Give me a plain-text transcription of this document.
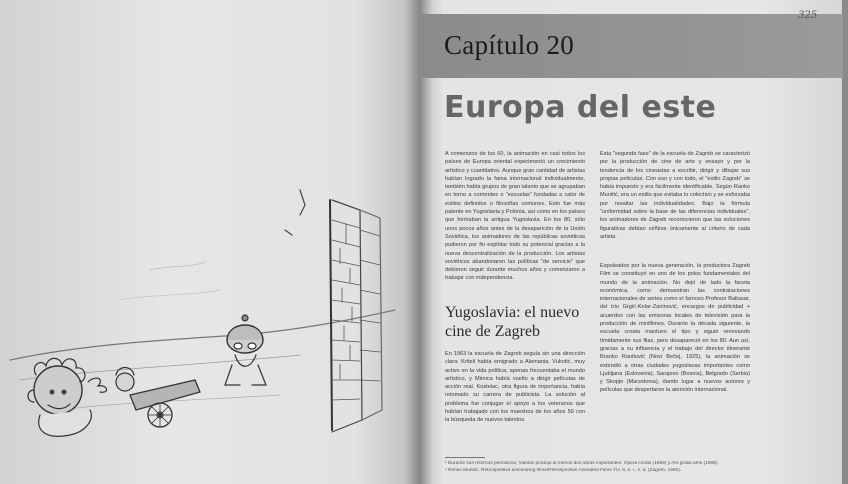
325
Capítulo 20
Europa del este

A comienzos de los 60, la animación en casi todos los países de Europa oriental experimentó un crecimiento artístico y cuantitativo. Aunque gran cantidad de artistas habían logrado la fama internacional individualmente, también había grupos de gran talento que se agrupaban en torno a corrientes o "escuelas" fundadas a calor de estilos definidos o filosofías comunes. Esto fue más patente en Yugoslavia y Polonia, así como en los países que formaban la antigua Yugoslavia. En los 80, sólo unos pocos años antes de la desaparición de la Unión Soviética, los animadores de las repúblicas soviéticas pudieron por fin explotar todo su potencial gracias a la nueva descentralización de la producción. Los artistas soviéticos abandonaron las políticas "de servicio" que debieron seguir durante muchos años y comenzaron a trabajar con independencia.

Yugoslavia: el nuevo cine de Zagreb

En 1963 la escuela de Zagreb seguía sin una dirección clara: Kriteli había emigrado a Alemania. Vukotić, muy activo en la vida política, apenas frecuentaba el mundo artístico, y Mimica había vuelto a dirigir películas de acción real. Kostelac, otra figura de importancia, había retomado su carrera de publicista. La solución al problema fue conjugar el apoyo a los veteranos que habían trabajado con los maestros de los años 50 con la búsqueda de nuevos talentos.

Esta "segunda fase" de la escuela de Zagreb se caracterizó por la producción de cine de arte y ensayo y por la tendencia de los cineastas a escribir, dirigir y dibujar sus propias películas. Con eso y con todo, el "estilo Zagreb" se había impuesto y era fácilmente identificable. Según Ranko Munitić, era un estilo que evitaba lo colectivo y se esforzaba por resaltar las individualidades. Bajo la fórmula "uniformidad sobre la base de las diferencias individuales", los animadores de Zagreb reconocieron que las soluciones figurativas debían ceñirse únicamente al criterio de cada artista.

Espoleados por la nueva generación, la productora Zagreb Film se constituyó en uno de los polos fundamentales del mundo de la animación. No dejó de lado la faceta económica, como demuestran las contrataciones internacionales de series como el famoso Profesor Baltasar, del trío Grgić-Kolar-Zaninović, encargos de publicidad + acuerdos con las emisoras locales de televisión para la producción de minifilmes. Durante la década siguiente, la escuela croata mantuvo el tipo y siguió renovando tímidamente sus filas, pero desapareció en los 80. Aun así, gracias a su influencia y el trabajo del director itinerante Branko Ranitović (Novi Beĉej, 1925), la animación se extendió a otras ciudades yugoslavas importantes como Ljubljana (Eslovenia), Sarajevo (Bosnia), Belgrado (Serbia) y Skopje (Macedonia), dando lugar a nuevos autores y películas que despertaron la atención internacional.

¹ Durante sus retornos periódicos, Vukotić produjo al menos dos obras importantes: Opera cordis (1968) y Ars gratia artis (1969).
² Ranko Munitić, Retrospektiva animiranog filma/Retrospective Animated Films YU, 8, s. l., s. d. (Zagreb, 1980).
